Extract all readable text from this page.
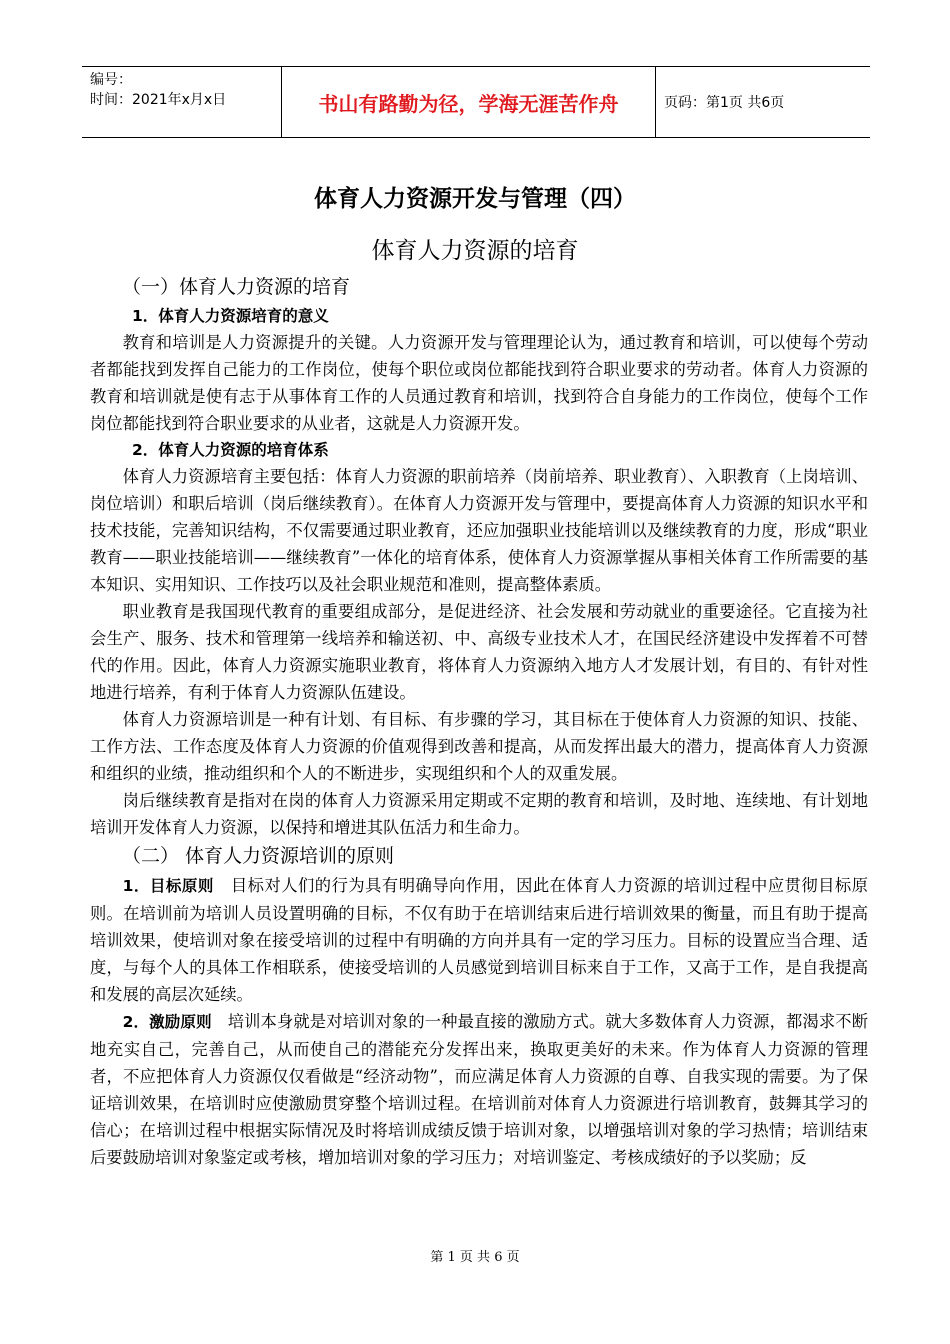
编号：
时间：2021年x月x日	书山有路勤为径，学海无涯苦作舟	页码：第1页 共6页
体育人力资源开发与管理（四）
体育人力资源的培育
（一）体育人力资源的培育
1．体育人力资源培育的意义

教育和培训是人力资源提升的关键。人力资源开发与管理理论认为，通过教育和培训，可以使每个劳动者都能找到发挥自己能力的工作岗位，使每个职位或岗位都能找到符合职业要求的劳动者。体育人力资源的教育和培训就是使有志于从事体育工作的人员通过教育和培训，找到符合自身能力的工作岗位，使每个工作岗位都能找到符合职业要求的从业者，这就是人力资源开发。

2．体育人力资源的培育体系

体育人力资源培育主要包括：体育人力资源的职前培养（岗前培养、职业教育）、入职教育（上岗培训、岗位培训）和职后培训（岗后继续教育）。在体育人力资源开发与管理中，要提高体育人力资源的知识水平和技术技能，完善知识结构，不仅需要通过职业教育，还应加强职业技能培训以及继续教育的力度，形成“职业教育——职业技能培训——继续教育”一体化的培育体系，使体育人力资源掌握从事相关体育工作所需要的基本知识、实用知识、工作技巧以及社会职业规范和准则，提高整体素质。

职业教育是我国现代教育的重要组成部分，是促进经济、社会发展和劳动就业的重要途径。它直接为社会生产、服务、技术和管理第一线培养和输送初、中、高级专业技术人才，在国民经济建设中发挥着不可替代的作用。因此，体育人力资源实施职业教育，将体育人力资源纳入地方人才发展计划，有目的、有针对性地进行培养，有利于体育人力资源队伍建设。

体育人力资源培训是一种有计划、有目标、有步骤的学习，其目标在于使体育人力资源的知识、技能、工作方法、工作态度及体育人力资源的价值观得到改善和提高，从而发挥出最大的潜力，提高体育人力资源和组织的业绩，推动组织和个人的不断进步，实现组织和个人的双重发展。

岗后继续教育是指对在岗的体育人力资源采用定期或不定期的教育和培训，及时地、连续地、有计划地培训开发体育人力资源，以保持和增进其队伍活力和生命力。

（二） 体育人力资源培训的原则

1．目标原则 目标对人们的行为具有明确导向作用，因此在体育人力资源的培训过程中应贯彻目标原则。在培训前为培训人员设置明确的目标，不仅有助于在培训结束后进行培训效果的衡量，而且有助于提高培训效果，使培训对象在接受培训的过程中有明确的方向并具有一定的学习压力。目标的设置应当合理、适度，与每个人的具体工作相联系，使接受培训的人员感觉到培训目标来自于工作，又高于工作，是自我提高和发展的高层次延续。

2．激励原则 培训本身就是对培训对象的一种最直接的激励方式。就大多数体育人力资源，都渴求不断地充实自己，完善自己，从而使自己的潜能充分发挥出来，换取更美好的未来。作为体育人力资源的管理者，不应把体育人力资源仅仅看做是“经济动物”，而应满足体育人力资源的自尊、自我实现的需要。为了保证培训效果，在培训时应使激励贯穿整个培训过程。在培训前对体育人力资源进行培训教育，鼓舞其学习的信心；在培训过程中根据实际情况及时将培训成绩反馈于培训对象，以增强培训对象的学习热情；培训结束后要鼓励培训对象鉴定或考核，增加培训对象的学习压力；对培训鉴定、考核成绩好的予以奖励；反

第 1 页 共 6 页
